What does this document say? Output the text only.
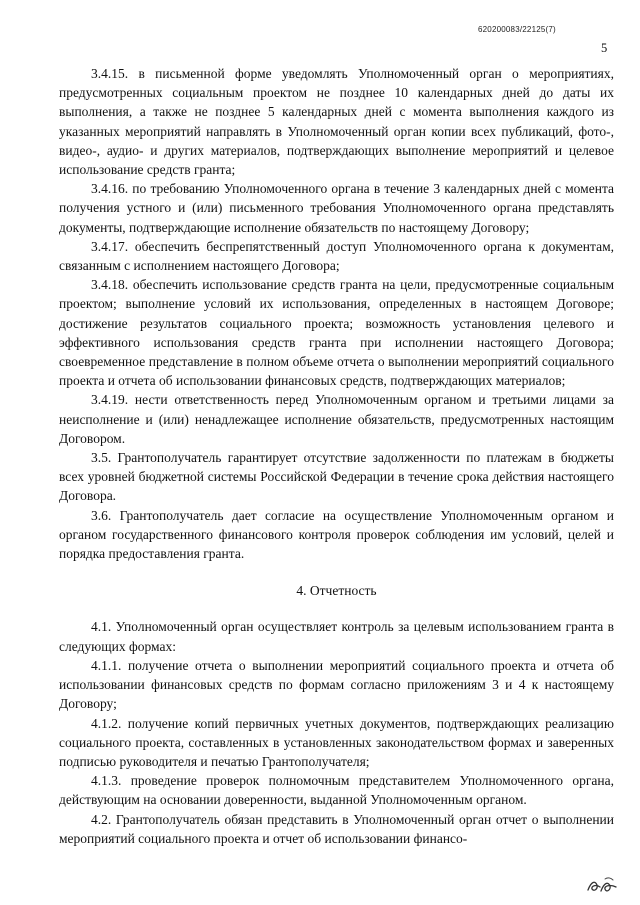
620200083/22125(7)
5

3.4.15. в письменной форме уведомлять Уполномоченный орган о мероприятиях, предусмотренных социальным проектом не позднее 10 календарных дней до даты их выполнения, а также не позднее 5 календарных дней с момента выполнения каждого из указанных мероприятий направлять в Уполномоченный орган копии всех публикаций, фото-, видео-, аудио- и других материалов, подтверждающих выполнение мероприятий и целевое использование средств гранта;

3.4.16. по требованию Уполномоченного органа в течение 3 календарных дней с момента получения устного и (или) письменного требования Уполномоченного органа представлять документы, подтверждающие исполнение обязательств по настоящему Договору;

3.4.17. обеспечить беспрепятственный доступ Уполномоченного органа к документам, связанным с исполнением настоящего Договора;

3.4.18. обеспечить использование средств гранта на цели, предусмотренные социальным проектом; выполнение условий их использования, определенных в настоящем Договоре; достижение результатов социального проекта; возможность установления целевого и эффективного использования средств гранта при исполнении настоящего Договора; своевременное представление в полном объеме отчета о выполнении мероприятий социального проекта и отчета об использовании финансовых средств, подтверждающих материалов;

3.4.19. нести ответственность перед Уполномоченным органом и третьими лицами за неисполнение и (или) ненадлежащее исполнение обязательств, предусмотренных настоящим Договором.

3.5. Грантополучатель гарантирует отсутствие задолженности по платежам в бюджеты всех уровней бюджетной системы Российской Федерации в течение срока действия настоящего Договора.

3.6. Грантополучатель дает согласие на осуществление Уполномоченным органом и органом государственного финансового контроля проверок соблюдения им условий, целей и порядка предоставления гранта.

4. Отчетность

4.1. Уполномоченный орган осуществляет контроль за целевым использованием гранта в следующих формах:

4.1.1. получение отчета о выполнении мероприятий социального проекта и отчета об использовании финансовых средств по формам согласно приложениям 3 и 4 к настоящему Договору;

4.1.2. получение копий первичных учетных документов, подтверждающих реализацию социального проекта, составленных в установленных законодательством формах и заверенных подписью руководителя и печатью Грантополучателя;

4.1.3. проведение проверок полномочным представителем Уполномоченного органа, действующим на основании доверенности, выданной Уполномоченным органом.

4.2. Грантополучатель обязан представить в Уполномоченный орган отчет о выполнении мероприятий социального проекта и отчет об использовании финансо-
